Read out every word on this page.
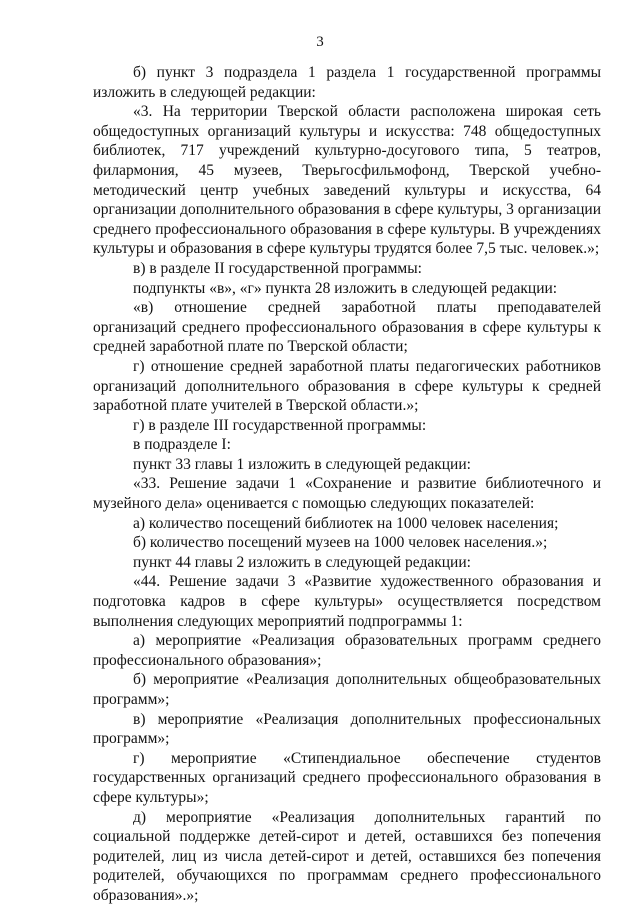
3

б) пункт 3 подраздела 1 раздела 1 государственной программы изложить в следующей редакции:

«3. На территории Тверской области расположена широкая сеть общедоступных организаций культуры и искусства: 748 общедоступных библиотек, 717 учреждений культурно-досугового типа, 5 театров, филармония, 45 музеев, Тверьгосфильмофонд, Тверской учебно-методический центр учебных заведений культуры и искусства, 64 организации дополнительного образования в сфере культуры, 3 организации среднего профессионального образования в сфере культуры. В учреждениях культуры и образования в сфере культуры трудятся более 7,5 тыс. человек.»;

в) в разделе II государственной программы:

подпункты «в», «г» пункта 28 изложить в следующей редакции:

«в) отношение средней заработной платы преподавателей организаций среднего профессионального образования в сфере культуры к средней заработной плате по Тверской области;

г) отношение средней заработной платы педагогических работников организаций дополнительного образования в сфере культуры к средней заработной плате учителей в Тверской области.»;

г) в разделе III государственной программы:

в подразделе I:

пункт 33 главы 1 изложить в следующей редакции:

«33. Решение задачи 1 «Сохранение и развитие библиотечного и музейного дела» оценивается с помощью следующих показателей:

а) количество посещений библиотек на 1000 человек населения;

б) количество посещений музеев на 1000 человек населения.»;

пункт 44 главы 2 изложить в следующей редакции:

«44. Решение задачи 3 «Развитие художественного образования и подготовка кадров в сфере культуры» осуществляется посредством выполнения следующих мероприятий подпрограммы 1:

а) мероприятие «Реализация образовательных программ среднего профессионального образования»;

б) мероприятие «Реализация дополнительных общеобразовательных программ»;

в) мероприятие «Реализация дополнительных профессиональных программ»;

г) мероприятие «Стипендиальное обеспечение студентов государственных организаций среднего профессионального образования в сфере культуры»;

д) мероприятие «Реализация дополнительных гарантий по социальной поддержке детей-сирот и детей, оставшихся без попечения родителей, лиц из числа детей-сирот и детей, оставшихся без попечения родителей, обучающихся по программам среднего профессионального образования».»;
